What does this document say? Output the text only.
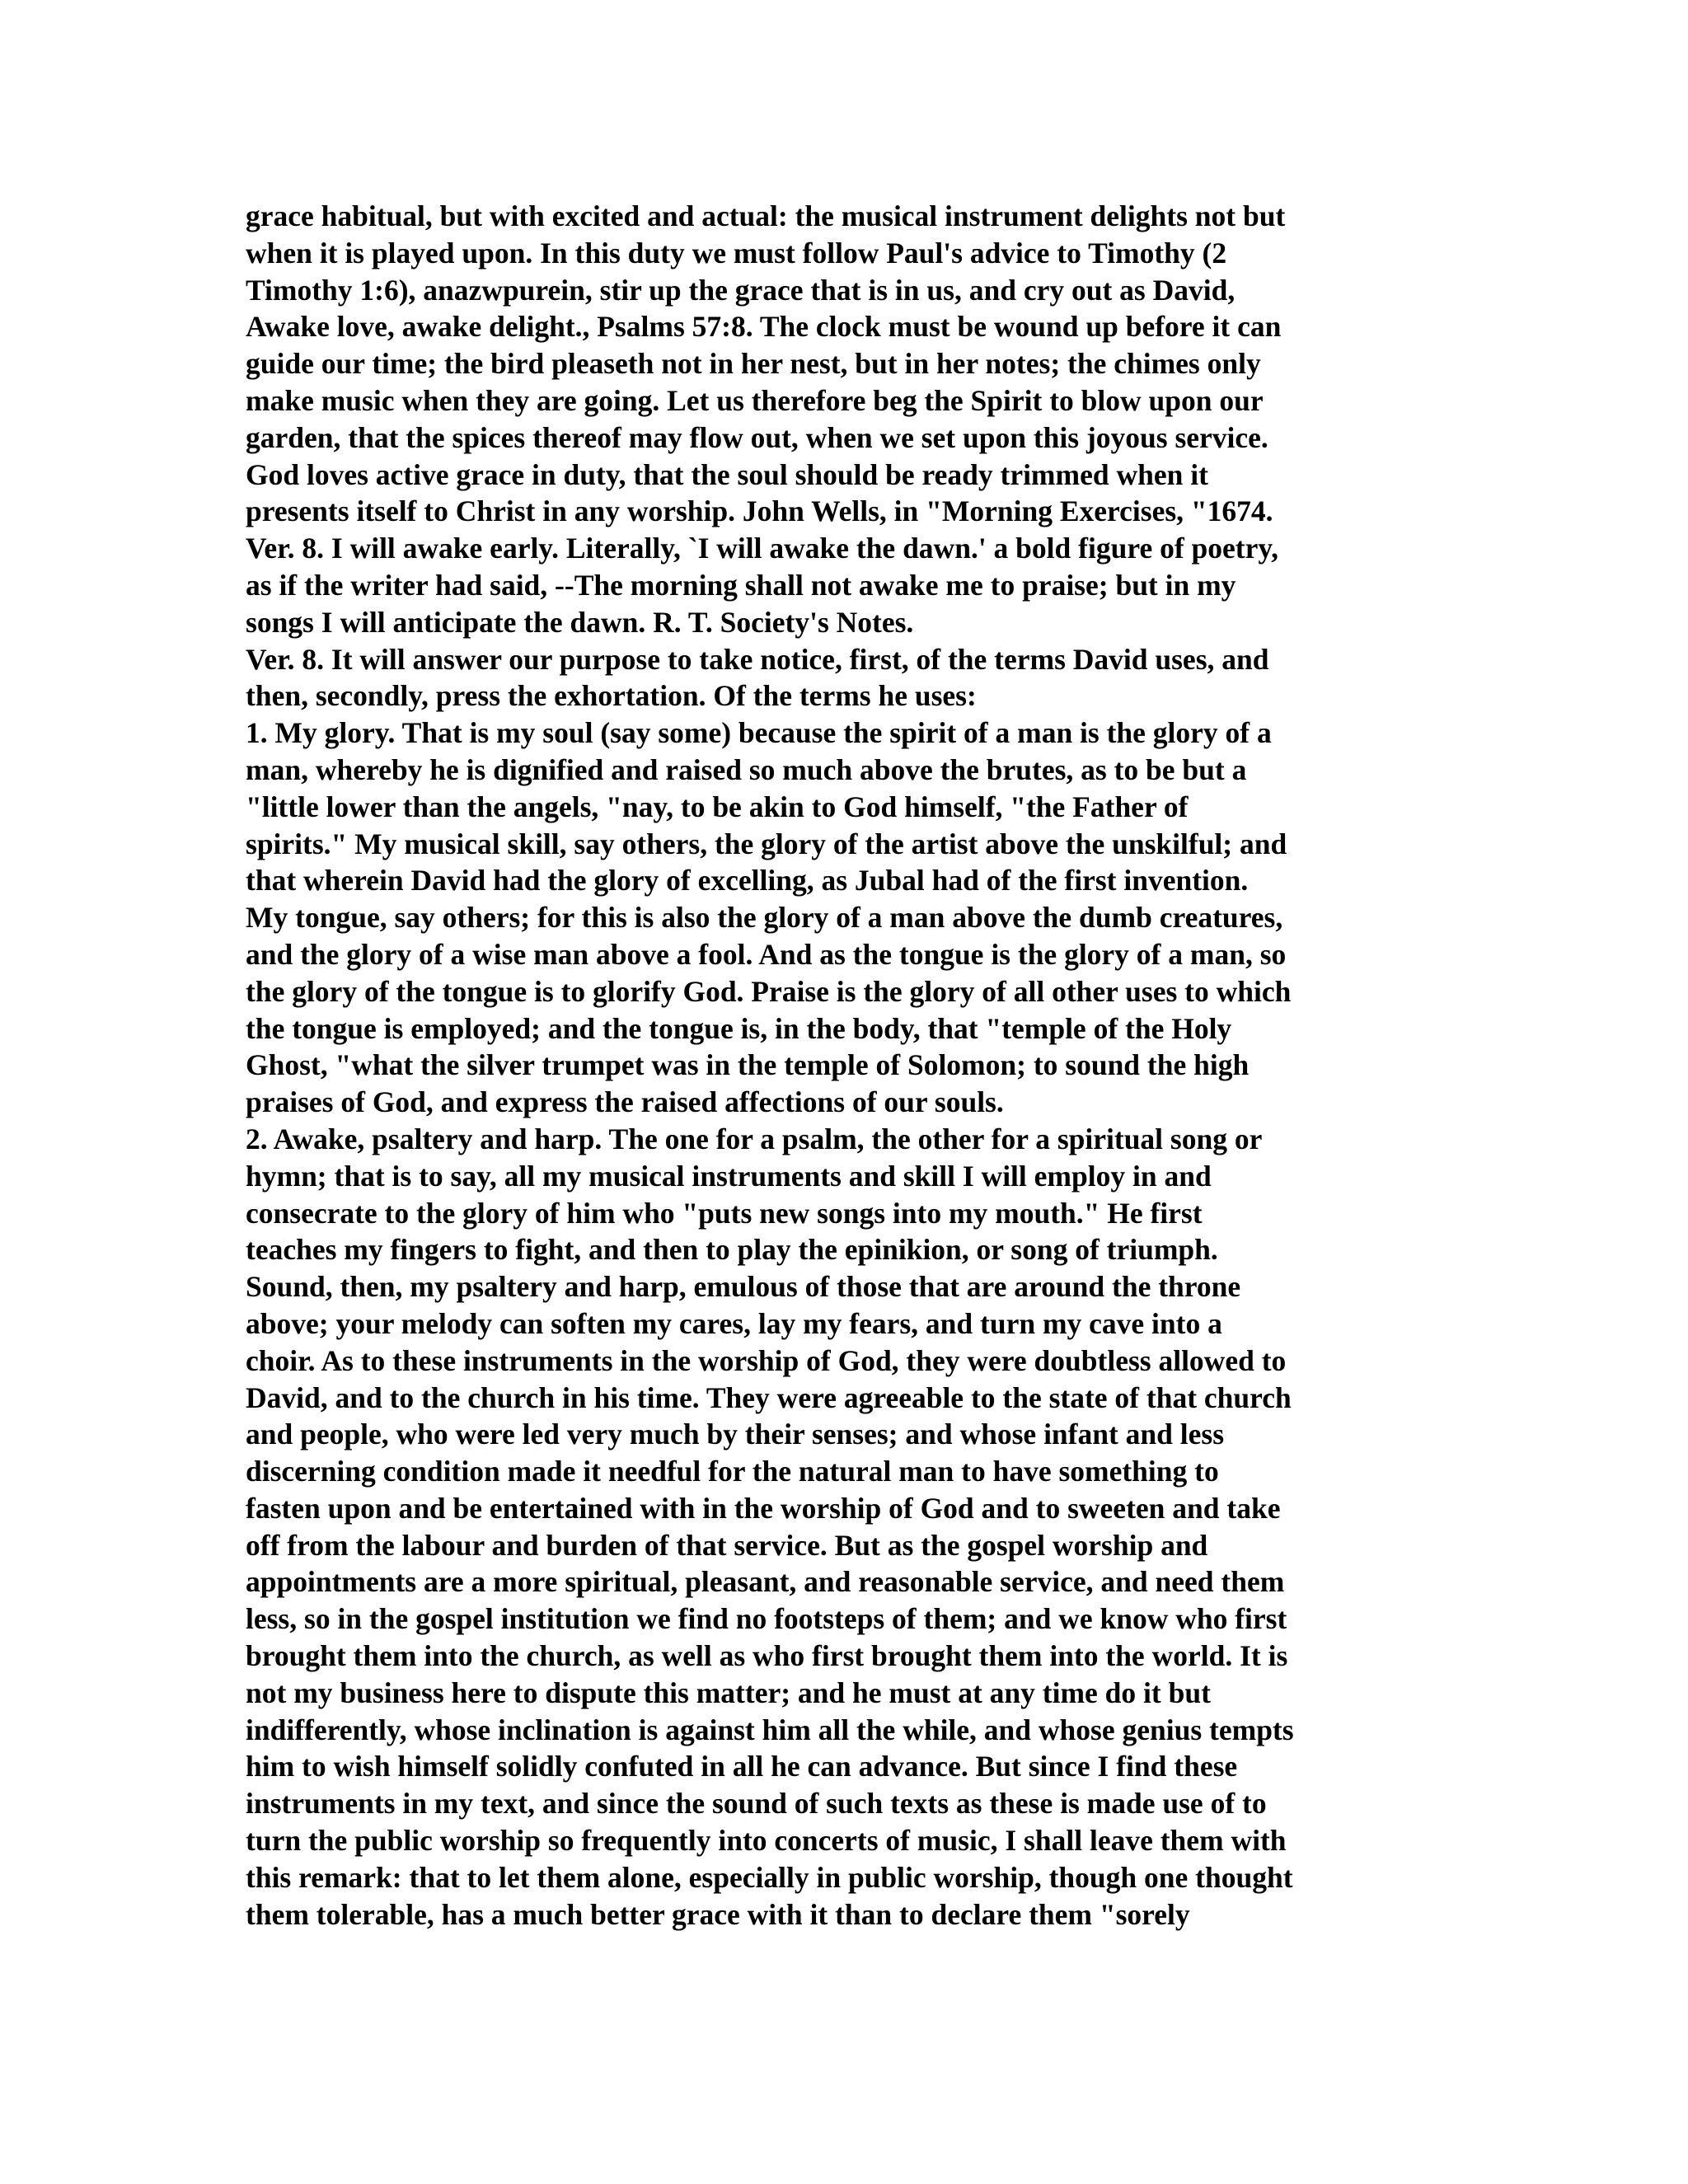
grace habitual, but with excited and actual: the musical instrument delights not but
when it is played upon. In this duty we must follow Paul's advice to Timothy (2
Timothy 1:6), anazwpurein, stir up the grace that is in us, and cry out as David,
Awake love, awake delight., Psalms 57:8. The clock must be wound up before it can
guide our time; the bird pleaseth not in her nest, but in her notes; the chimes only
make music when they are going. Let us therefore beg the Spirit to blow upon our
garden, that the spices thereof may flow out, when we set upon this joyous service.
God loves active grace in duty, that the soul should be ready trimmed when it
presents itself to Christ in any worship. John Wells, in "Morning Exercises, "1674.
Ver. 8. I will awake early. Literally, `I will awake the dawn.' a bold figure of poetry,
as if the writer had said, --The morning shall not awake me to praise; but in my
songs I will anticipate the dawn. R. T. Society's Notes.
Ver. 8. It will answer our purpose to take notice, first, of the terms David uses, and
then, secondly, press the exhortation. Of the terms he uses:
1. My glory. That is my soul (say some) because the spirit of a man is the glory of a
man, whereby he is dignified and raised so much above the brutes, as to be but a
"little lower than the angels, "nay, to be akin to God himself, "the Father of
spirits." My musical skill, say others, the glory of the artist above the unskilful; and
that wherein David had the glory of excelling, as Jubal had of the first invention.
My tongue, say others; for this is also the glory of a man above the dumb creatures,
and the glory of a wise man above a fool. And as the tongue is the glory of a man, so
the glory of the tongue is to glorify God. Praise is the glory of all other uses to which
the tongue is employed; and the tongue is, in the body, that "temple of the Holy
Ghost, "what the silver trumpet was in the temple of Solomon; to sound the high
praises of God, and express the raised affections of our souls.
2. Awake, psaltery and harp. The one for a psalm, the other for a spiritual song or
hymn; that is to say, all my musical instruments and skill I will employ in and
consecrate to the glory of him who "puts new songs into my mouth." He first
teaches my fingers to fight, and then to play the epinikion, or song of triumph.
Sound, then, my psaltery and harp, emulous of those that are around the throne
above; your melody can soften my cares, lay my fears, and turn my cave into a
choir. As to these instruments in the worship of God, they were doubtless allowed to
David, and to the church in his time. They were agreeable to the state of that church
and people, who were led very much by their senses; and whose infant and less
discerning condition made it needful for the natural man to have something to
fasten upon and be entertained with in the worship of God and to sweeten and take
off from the labour and burden of that service. But as the gospel worship and
appointments are a more spiritual, pleasant, and reasonable service, and need them
less, so in the gospel institution we find no footsteps of them; and we know who first
brought them into the church, as well as who first brought them into the world. It is
not my business here to dispute this matter; and he must at any time do it but
indifferently, whose inclination is against him all the while, and whose genius tempts
him to wish himself solidly confuted in all he can advance. But since I find these
instruments in my text, and since the sound of such texts as these is made use of to
turn the public worship so frequently into concerts of music, I shall leave them with
this remark: that to let them alone, especially in public worship, though one thought
them tolerable, has a much better grace with it than to declare them "sorely
